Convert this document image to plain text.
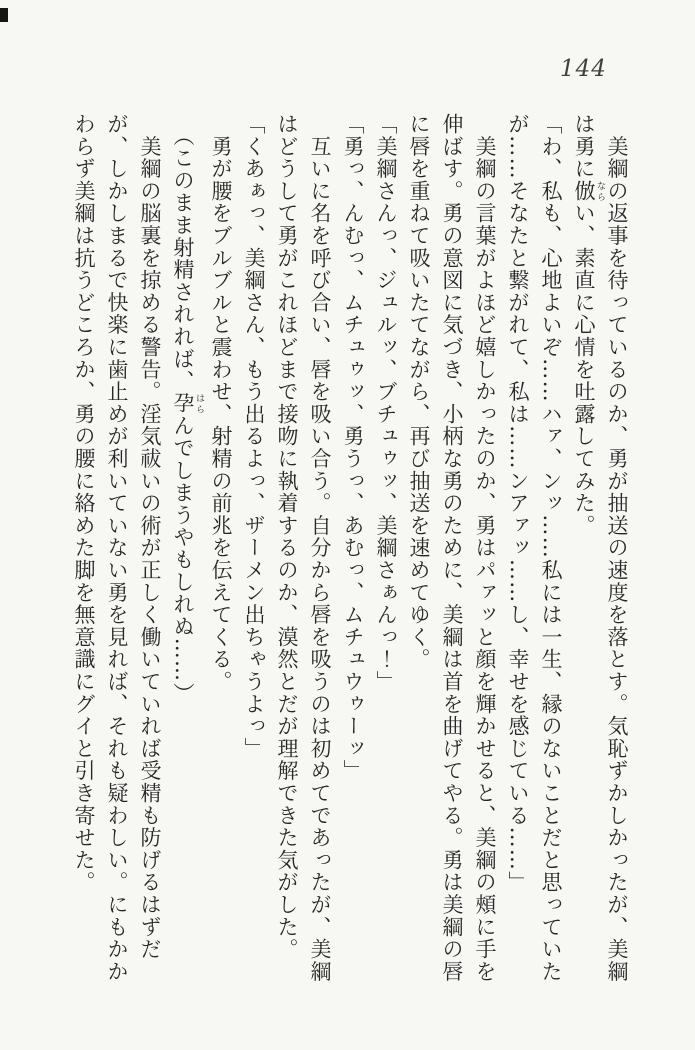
144

　美綱の返事を待っているのか、勇が抽送の速度を落とす。気恥ずかしかったが、美綱は勇に倣 ならい、素直に心情を吐露してみた。

「わ、私も、心地よいぞ……ハァ、ンッ……私には一生、縁のないことだと思っていたが……そなたと繋がれて、私は……ンアァッ……し、幸せを感じている……」

　美綱の言葉がよほど嬉しかったのか、勇はパァッと顔を輝かせると、美綱の頰に手を伸ばす。勇の意図に気づき、小柄な勇のために、美綱は首を曲げてやる。勇は美綱の唇に唇を重ねて吸いたてながら、再び抽送を速めてゆく。

「美綱さんっ、ジュルッ、ブチュゥッ、美綱さぁんっ！」

「勇っ、んむっ、ムチュゥッ、勇うっ、あむっ、ムチュウゥーッ」

　互いに名を呼び合い、唇を吸い合う。自分から唇を吸うのは初めてであったが、美綱はどうして勇がこれほどまで接吻に執着するのか、漠然とだが理解できた気がした。

「くあぁっ、美綱さん、もう出るよっ、ザーメン出ちゃうよっ」

　勇が腰をブルブルと震わせ、射精の前兆を伝えてくる。

　（このまま射精されれば、孕 はらんでしまうやもしれぬ……）

　美綱の脳裏を掠める警告。淫気祓いの術が正しく働いていれば受精も防げるはずだが、しかしまるで快楽に歯止めが利いていない勇を見れば、それも疑わしい。にもかかわらず美綱は抗うどころか、勇の腰に絡めた脚を無意識にグイと引き寄せた。
